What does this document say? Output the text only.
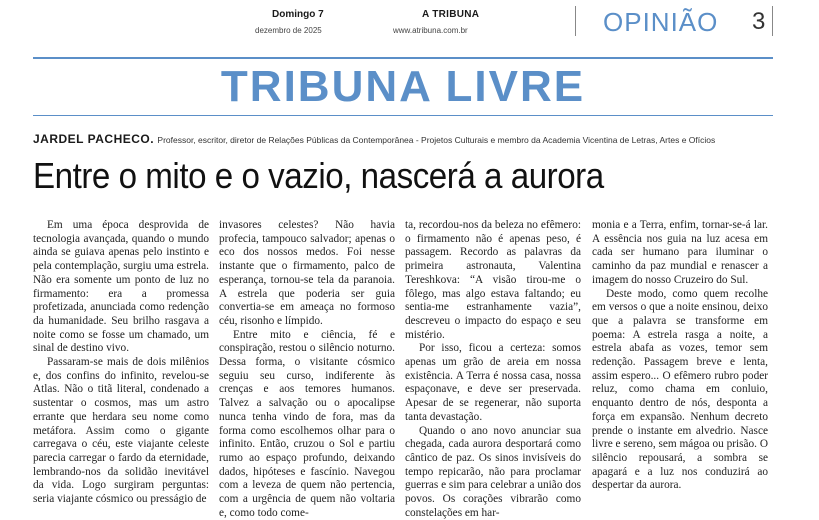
Domingo 7
dezembro de 2025
A TRIBUNA
www.atribuna.com.br	OPINIÃO 3
TRIBUNA LIVRE
JARDEL PACHECO. Professor, escritor, diretor de Relações Públicas da Contemporânea - Projetos Culturais e membro da Academia Vicentina de Letras, Artes e Ofícios
Entre o mito e o vazio, nascerá a aurora

Em uma época desprovida de tecnologia avançada, quando o mundo ainda se guiava apenas pelo instinto e pela contemplação, surgiu uma estrela. Não era somente um ponto de luz no firmamento: era a promessa profetizada, anunciada como redenção da humanidade. Seu brilho rasgava a noite como se fosse um chamado, um sinal de destino vivo.

Passaram-se mais de dois milênios e, dos confins do infinito, revelou-se Atlas. Não o titã literal, condenado a sustentar o cosmos, mas um astro errante que herdara seu nome como metáfora. Assim como o gigante carregava o céu, este viajante celeste parecia carregar o fardo da eternidade, lembrando-nos da solidão inevitável da vida. Logo surgiram perguntas: seria viajante cósmico ou presságio de

invasores celestes? Não havia profecia, tampouco salvador; apenas o eco dos nossos medos. Foi nesse instante que o firmamento, palco de esperança, tornou-se tela da paranoia. A estrela que poderia ser guia convertia-se em ameaça no formoso céu, risonho e límpido.

Entre mito e ciência, fé e conspiração, restou o silêncio noturno. Dessa forma, o visitante cósmico seguiu seu curso, indiferente às crenças e aos temores humanos. Talvez a salvação ou o apocalipse nunca tenha vindo de fora, mas da forma como escolhemos olhar para o infinito. Então, cruzou o Sol e partiu rumo ao espaço profundo, deixando dados, hipóteses e fascínio. Navegou com a leveza de quem não pertencia, com a urgência de quem não voltaria e, como todo come-

ta, recordou-nos da beleza no efêmero: o firmamento não é apenas peso, é passagem. Recordo as palavras da primeira astronauta, Valentina Tereshkova: “A visão tirou-me o fôlego, mas algo estava faltando; eu sentia-me estranhamente vazia”, descreveu o impacto do espaço e seu mistério.

Por isso, ficou a certeza: somos apenas um grão de areia em nossa existência. A Terra é nossa casa, nossa espaçonave, e deve ser preservada. Apesar de se regenerar, não suporta tanta devastação.

Quando o ano novo anunciar sua chegada, cada aurora desportará como cântico de paz. Os sinos invisíveis do tempo repicarão, não para proclamar guerras e sim para celebrar a união dos povos. Os corações vibrarão como constelações em har-

monia e a Terra, enfim, tornar-se-á lar. A essência nos guia na luz acesa em cada ser humano para iluminar o caminho da paz mundial e renascer a imagem do nosso Cruzeiro do Sul.

Deste modo, como quem recolhe em versos o que a noite ensinou, deixo que a palavra se transforme em poema: A estrela rasga a noite, a estrela abafa as vozes, temor sem redenção. Passagem breve e lenta, assim espero... O efêmero rubro poder reluz, como chama em conluio, enquanto dentro de nós, desponta a força em expansão. Nenhum decreto prende o instante em alvedrio. Nasce livre e sereno, sem mágoa ou prisão. O silêncio repousará, a sombra se apagará e a luz nos conduzirá ao despertar da aurora.
